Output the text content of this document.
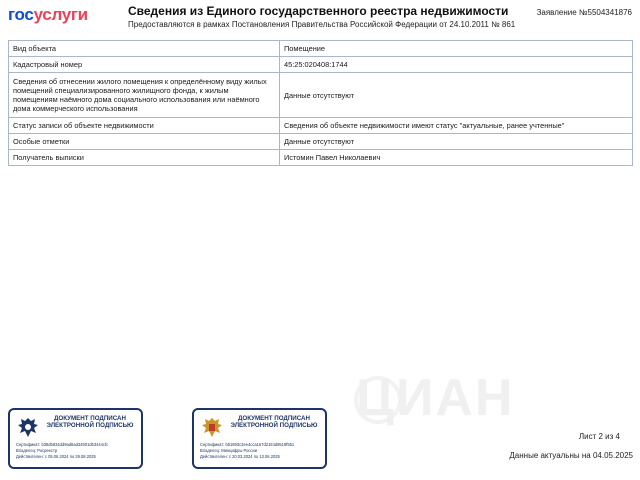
госуслуги	Сведения из Единого государственного реестра недвижимости
Предоставляются в рамках Постановления Правительства Российской Федерации от 24.10.2011 № 861
Заявление №5504341876
Вид объекта	Помещение
Кадастровый номер	45:25:020408:1744
Сведения об отнесении жилого помещения к определённому виду жилых помещений специализированного жилищного фонда, к жилым помещениям наёмного дома социального использования или наёмного дома коммерческого использования	Данные отсутствуют
Статус записи об объекте недвижимости	Сведения об объекте недвижимости имеют статус "актуальные, ранее учтенные"
Особые отметки	Данные отсутствуют
Получатель выписки	Истомин Павел Николаевич
ЦИАН
ДОКУМЕНТ ПОДПИСАН ЭЛЕКТРОННОЙ ПОДПИСЬЮ
Сертификат: b38d5834dd9ad8ad34901d53444cfc
Владелец: Росреестр
Действителен: с 05.06.2024 по 29.08.2025
ДОКУМЕНТ ПОДПИСАН ЭЛЕКТРОННОЙ ПОДПИСЬЮ
Сертификат: b51893c3ee4cca167d2164d9519f551
Владелец: Минцифры России
Действителен: с 20.03.2024 по 13.06.2025
Лист 2 из 4
Данные актуальны на 04.05.2025
